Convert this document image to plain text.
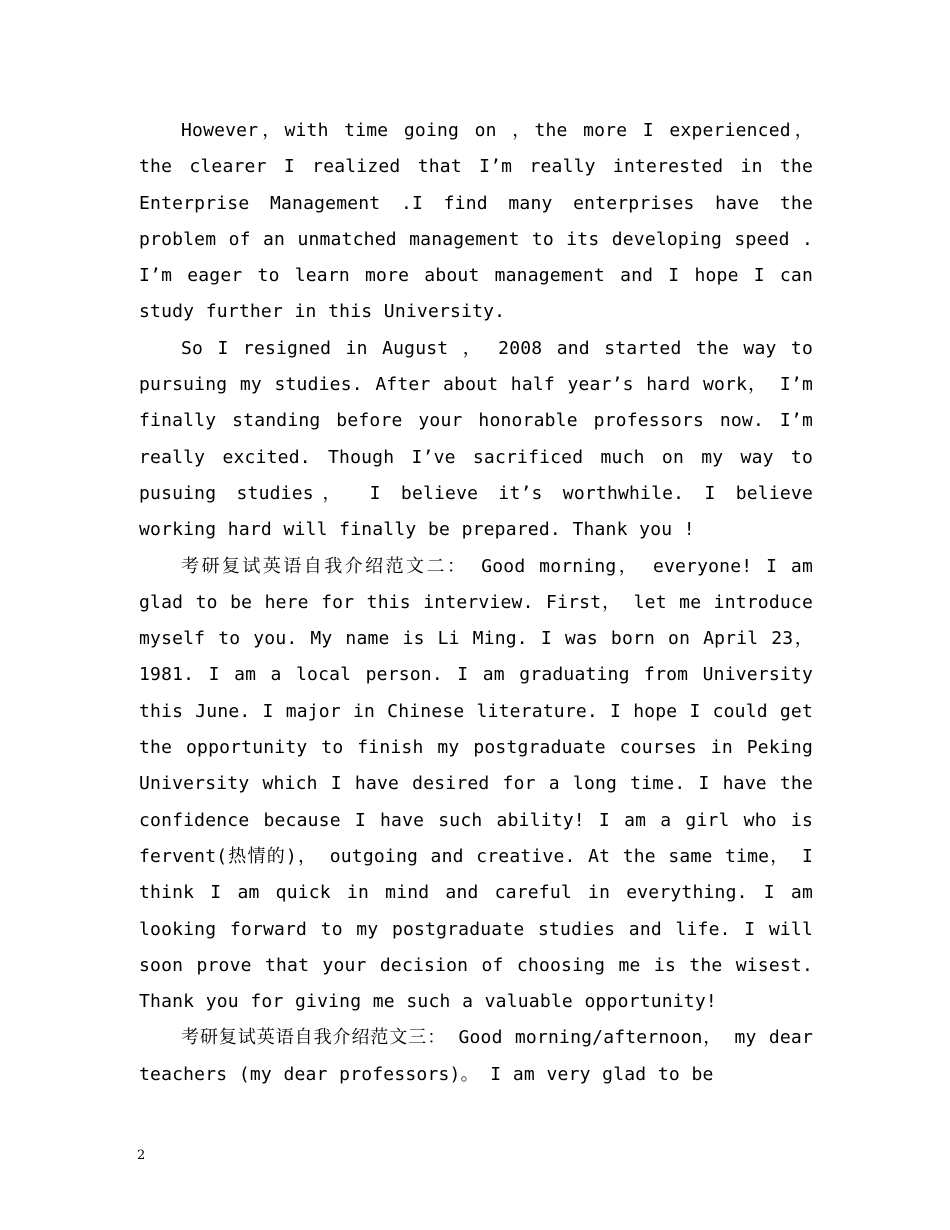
However，with time going on ，the more I experienced， the clearer I realized that I’m really interested in the Enterprise Management .I find many enterprises have the problem of an unmatched management to its developing speed . I’m eager to learn more about management and I hope I can study further in this University.

So I resigned in August ， 2008 and started the way to pursuing my studies. After about half year’s hard work， I’m finally standing before your honorable professors now. I’m really excited. Though I’ve sacrificed much on my way to pusuing studies， I believe it’s worthwhile. I believe working hard will finally be prepared. Thank you !

考研复试英语自我介绍范文二： Good morning， everyone! I am glad to be here for this interview. First， let me introduce myself to you. My name is Li Ming. I was born on April 23， 1981. I am a local person. I am graduating from University this June. I major in Chinese literature. I hope I could get the opportunity to finish my postgraduate courses in Peking University which I have desired for a long time. I have the confidence because I have such ability! I am a girl who is fervent(热情的)， outgoing and creative. At the same time， I think I am quick in mind and careful in everything. I am looking forward to my postgraduate studies and life. I will soon prove that your decision of choosing me is the wisest. Thank you for giving me such a valuable opportunity!

考研复试英语自我介绍范文三： Good morning/afternoon， my dear teachers (my dear professors)。 I am very glad to be

2
